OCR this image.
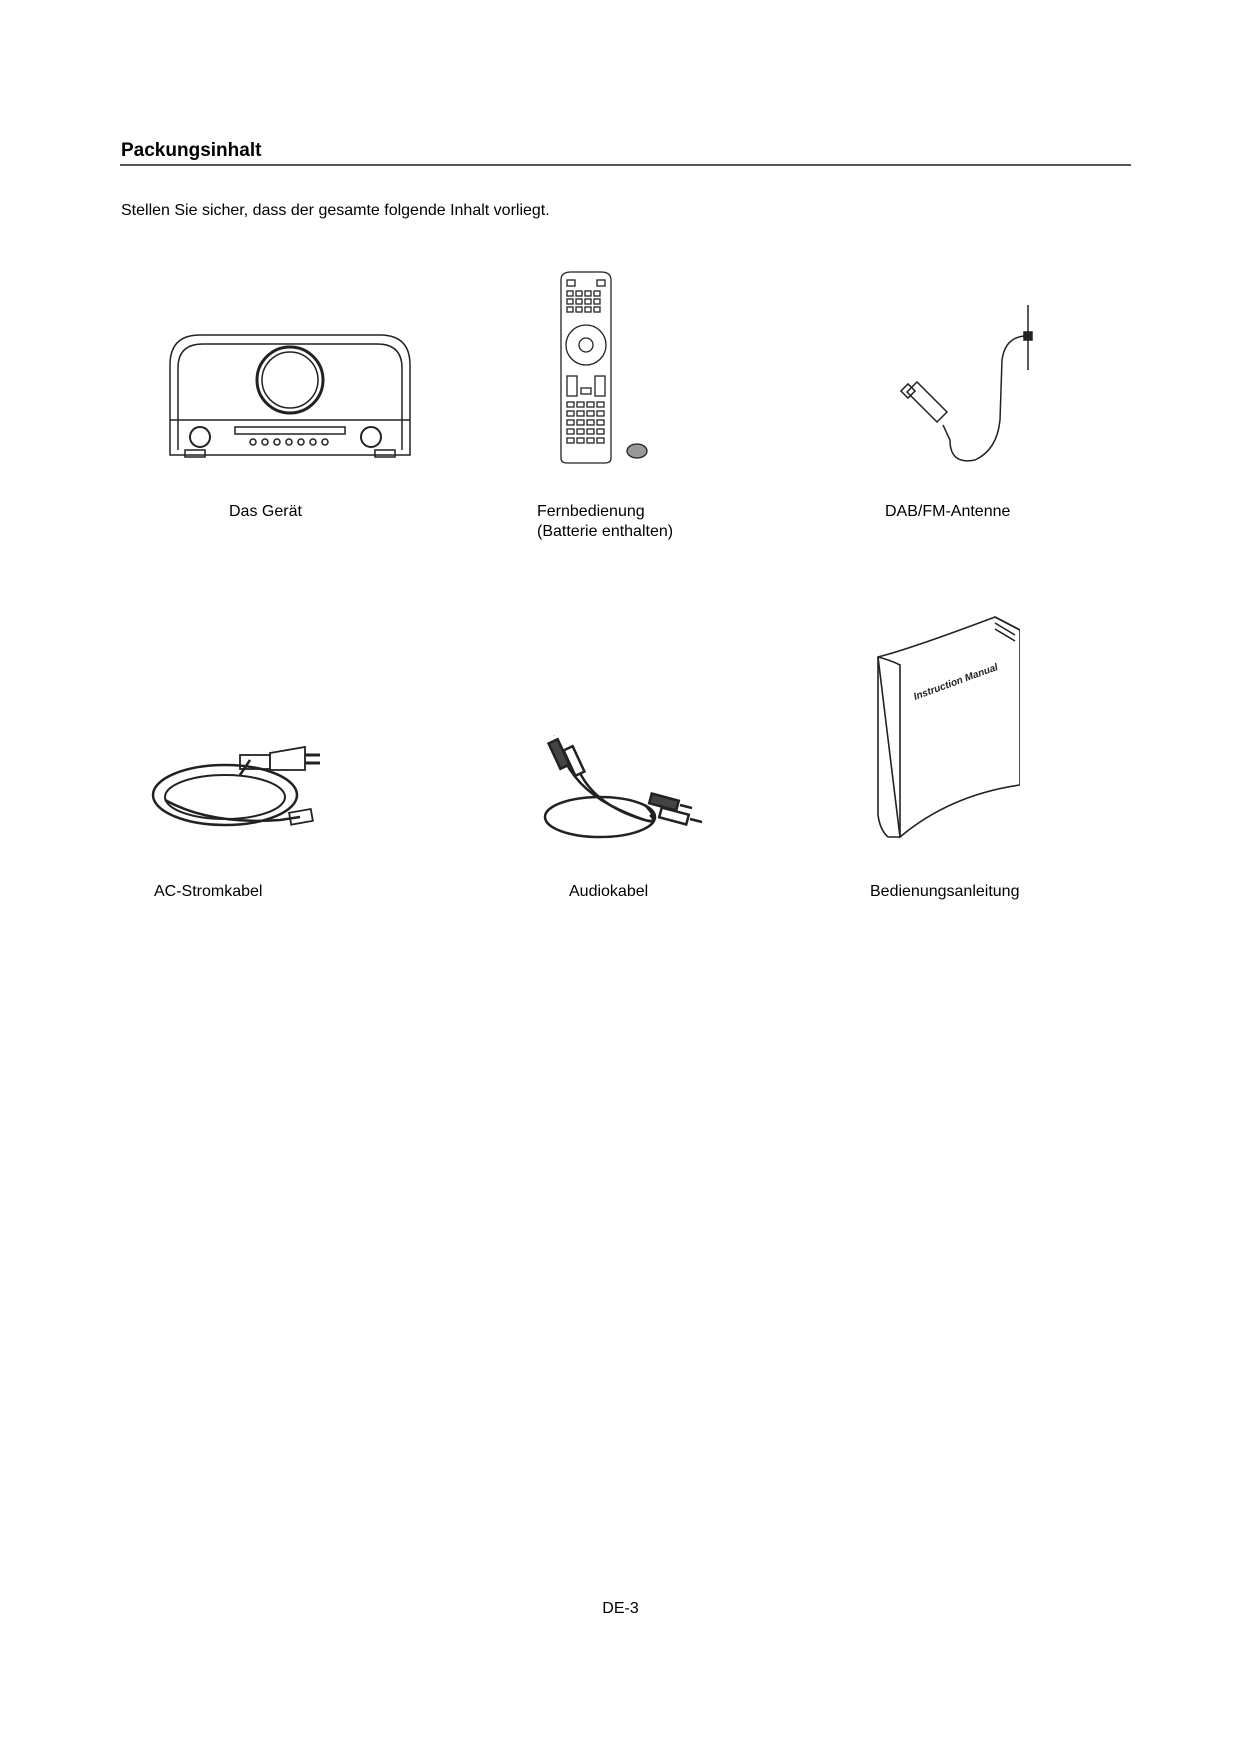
Packungsinhalt

Stellen Sie sicher, dass der gesamte folgende Inhalt vorliegt.

Das Gerät	Fernbedienung
(Batterie enthalten)

DAB/FM-Antenne

AC-Stromkabel	Audiokabel

Instruction Manual

Bedienungsanleitung

DE-3
